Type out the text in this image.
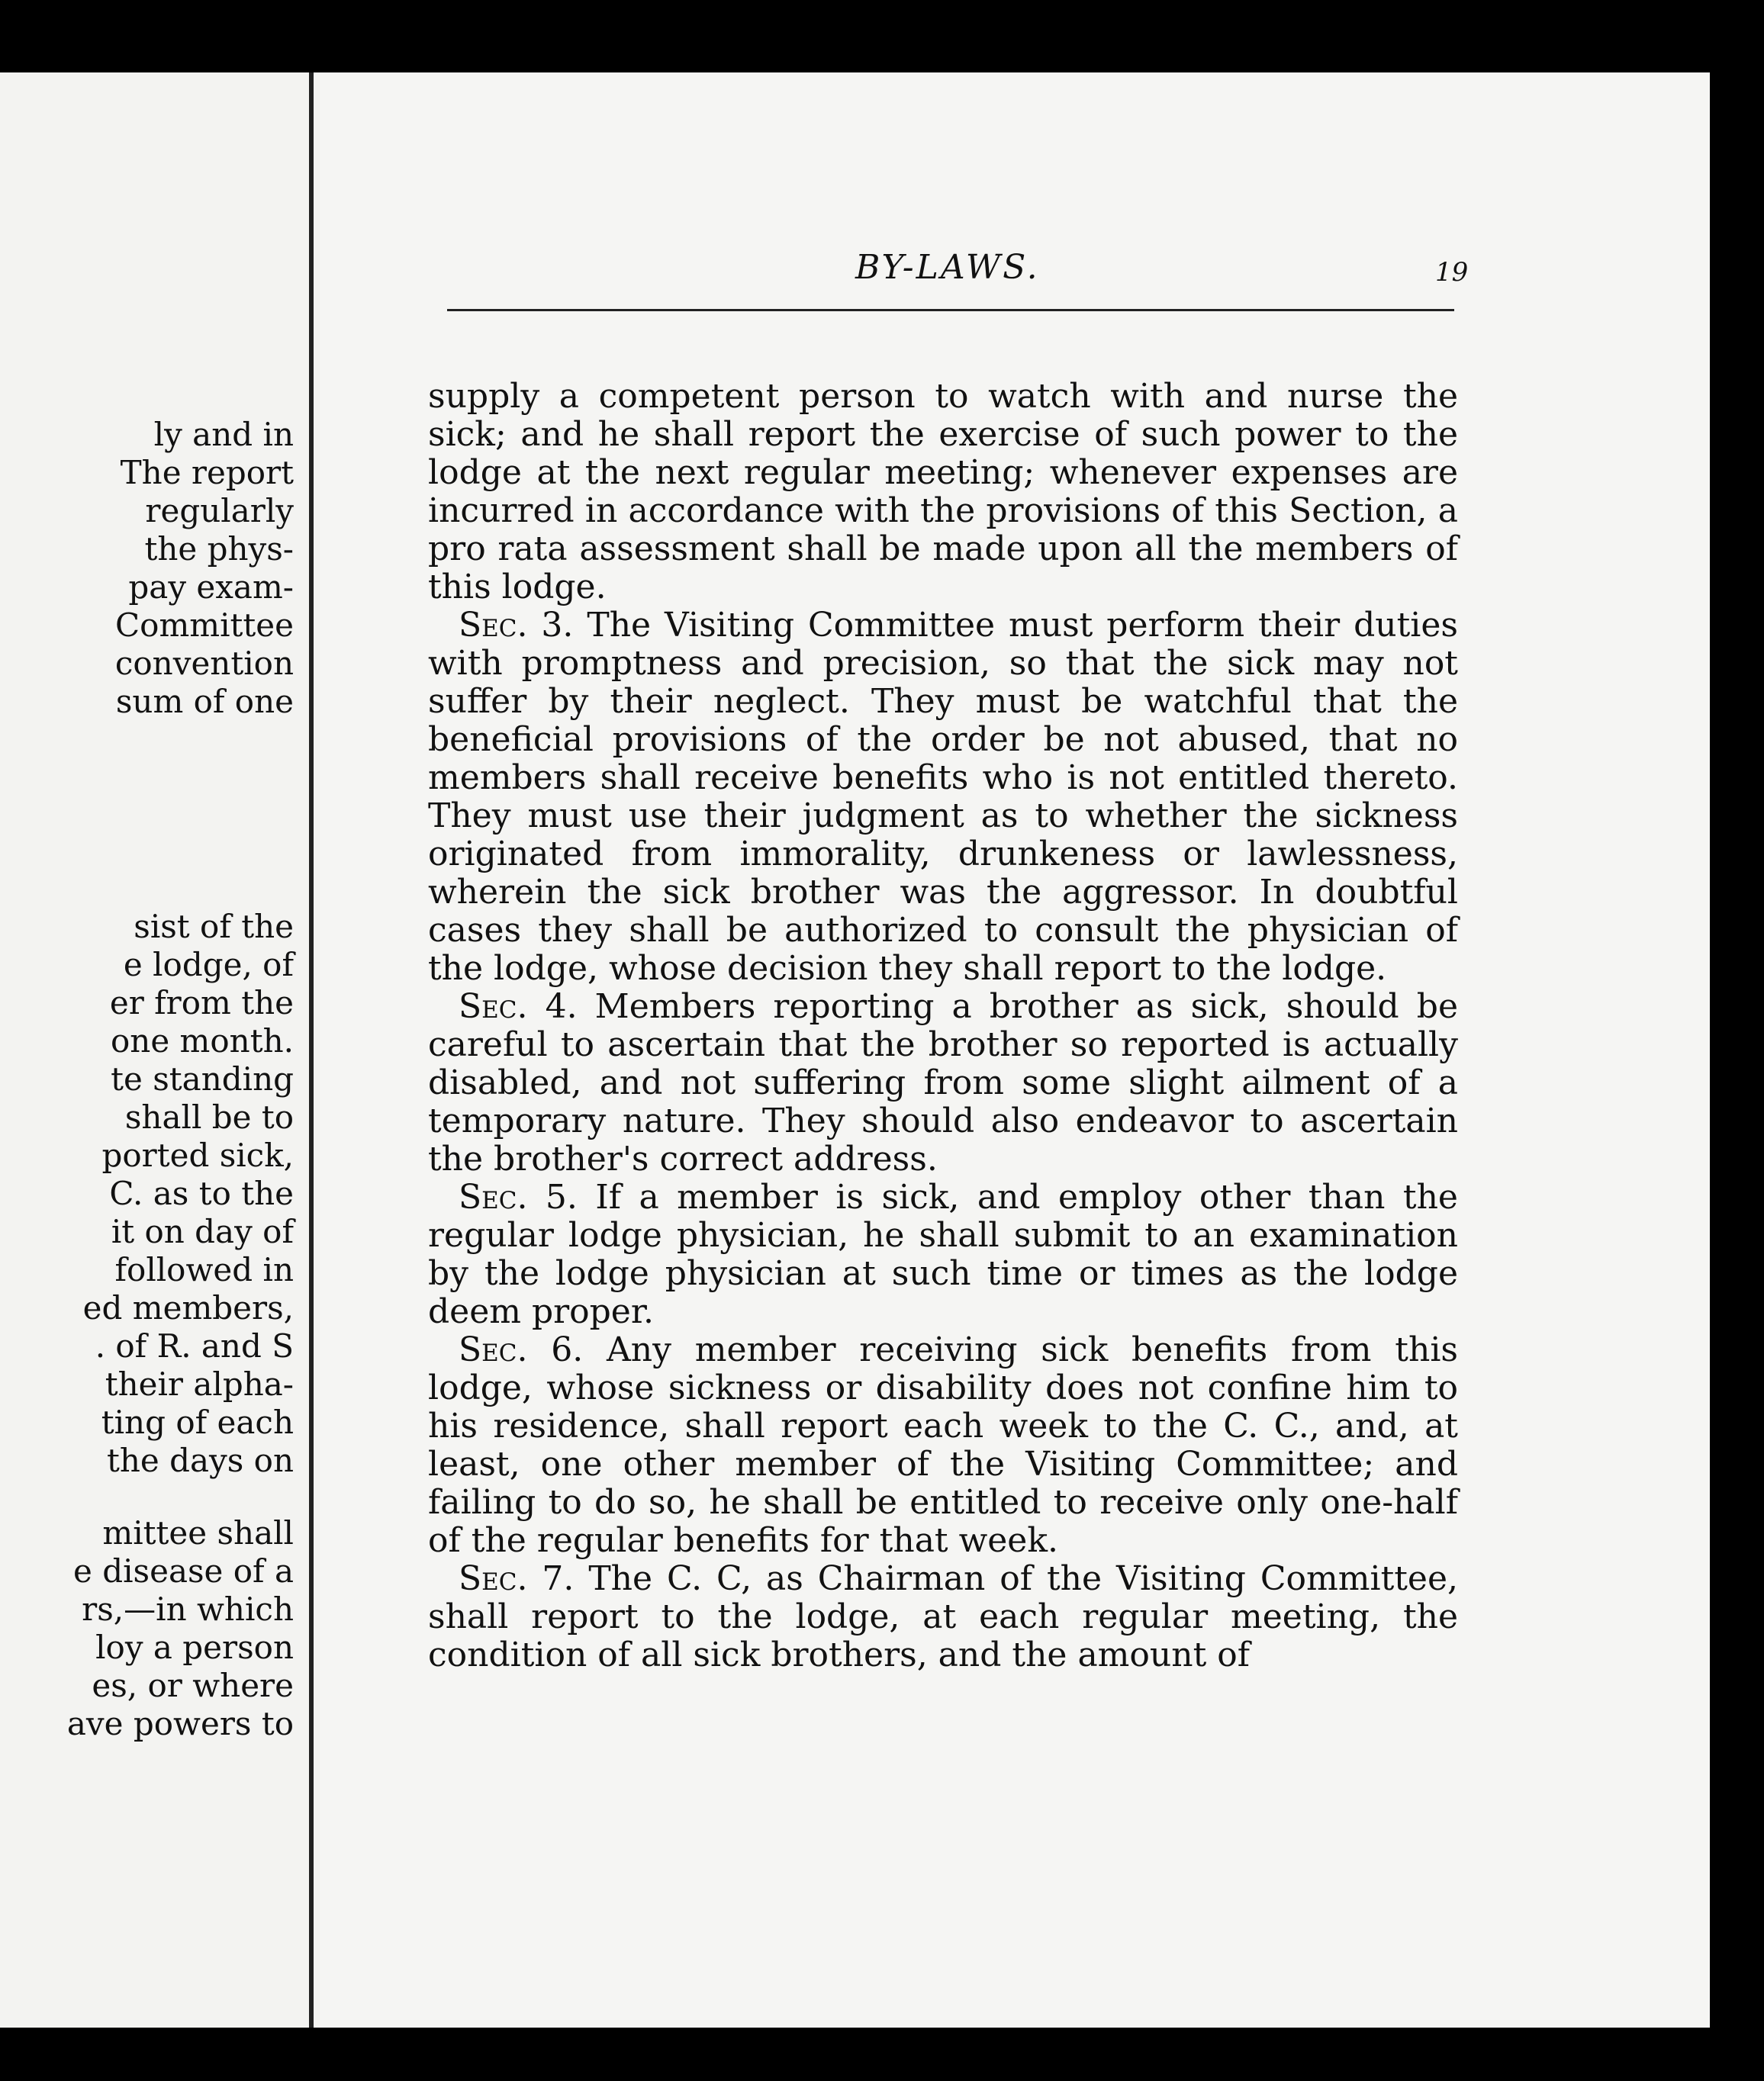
ly and in
The report
regularly
the phys-
pay exam-
Committee
convention
sum of one
sist of the
e lodge, of
er from the
one month.
te standing
shall be to
ported sick,
C. as to the
it on day of
followed in
ed members,
. of R. and S
their alpha-
ting of each
the days on
mittee shall
e disease of a
rs,—in which
loy a person
es, or where
ave powers to
BY-LAWS.	19

supply a competent person to watch with and nurse the sick; and he shall report the exercise of such power to the lodge at the next regular meeting; whenever expenses are incurred in accordance with the provisions of this Section, a pro rata assessment shall be made upon all the members of this lodge.

Sec. 3. The Visiting Committee must perform their duties with promptness and precision, so that the sick may not suffer by their neglect. They must be watchful that the beneficial provisions of the order be not abused, that no members shall receive benefits who is not entitled thereto. They must use their judgment as to whether the sickness originated from immorality, drunkeness or lawlessness, wherein the sick brother was the aggressor. In doubtful cases they shall be authorized to consult the physician of the lodge, whose decision they shall report to the lodge.

Sec. 4. Members reporting a brother as sick, should be careful to ascertain that the brother so reported is actually disabled, and not suffering from some slight ailment of a temporary nature. They should also endeavor to ascertain the brother's correct address.

Sec. 5. If a member is sick, and employ other than the regular lodge physician, he shall submit to an examination by the lodge physician at such time or times as the lodge deem proper.

Sec. 6. Any member receiving sick benefits from this lodge, whose sickness or disability does not confine him to his residence, shall report each week to the C. C., and, at least, one other member of the Visiting Committee; and failing to do so, he shall be entitled to receive only one-half of the regular benefits for that week.

Sec. 7. The C. C, as Chairman of the Visiting Committee, shall report to the lodge, at each regular meeting, the condition of all sick brothers, and the amount of
